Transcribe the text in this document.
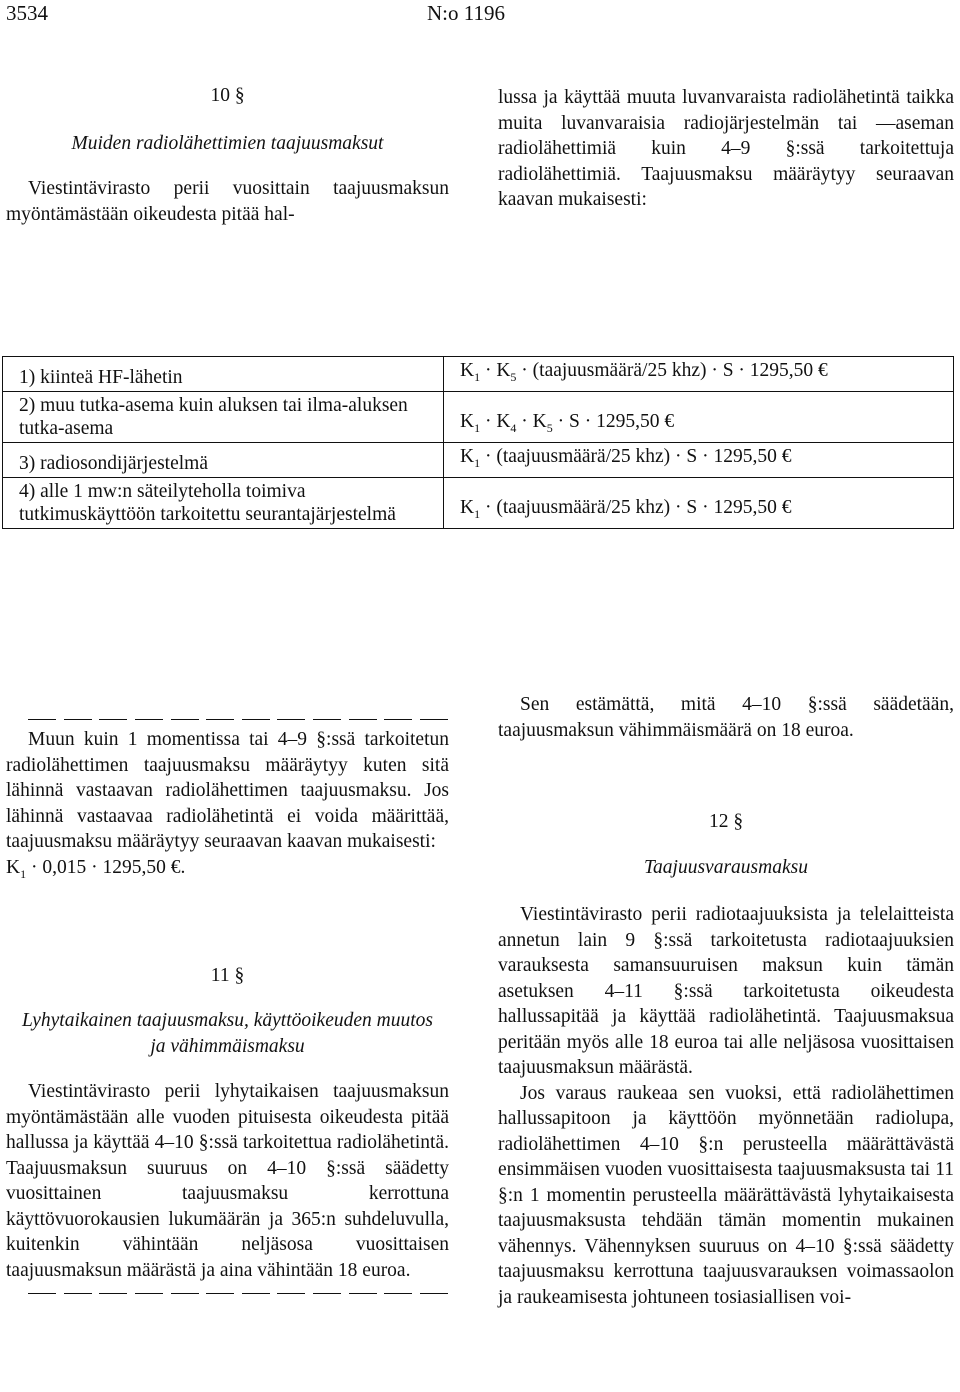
3534	N:o 1196

10 §

Muiden radiolähettimien taajuusmaksut

Viestintävirasto perii vuosittain taajuusmaksun myöntämästään oikeudesta pitää hal-

lussa ja käyttää muuta luvanvaraista radiolähetintä taikka muita luvanvaraisia radiojärjestelmän tai —aseman radiolähettimiä kuin 4–9 §:ssä tarkoitettuja radiolähettimiä. Taajuusmaksu määräytyy seuraavan kaavan mukaisesti:

1) kiinteä HF-lähetin	$K_1 \cdot K_5$ · (taajuusmäärä/25 khz) · S · 1295,50 €
2) muu tutka-asema kuin aluksen tai ilma-aluksen tutka-asema	$K_1 \cdot K_4 \cdot K_5 \cdot S \cdot 1295,50$ €
3) radiosondijärjestelmä	$K_1$ · (taajuusmäärä/25 khz) · S · 1295,50 €
4) alle 1 mw:n säteilyteholla toimiva tutkimuskäyttöön tarkoitettu seurantajärjestelmä	$K_1$ · (taajuusmäärä/25 khz) · S · 1295,50 €

Muun kuin 1 momentissa tai 4–9 §:ssä tarkoitetun radiolähettimen taajuusmaksu määräytyy kuten sitä lähinnä vastaavan radiolähettimen taajuusmaksu. Jos lähinnä vastaavaa radiolähetintä ei voida määrittää, taajuusmaksu määräytyy seuraavan kaavan mukaisesti:

$K_1 \cdot 0,015 \cdot 1295,50$ €.

11 §

Lyhytaikainen taajuusmaksu, käyttöoikeuden muutos ja vähimmäismaksu

Viestintävirasto perii lyhytaikaisen taajuusmaksun myöntämästään alle vuoden pituisesta oikeudesta pitää hallussa ja käyttää 4–10 §:ssä tarkoitettua radiolähetintä. Taajuusmaksun suuruus on 4–10 §:ssä säädetty vuosittainen taajuusmaksu kerrottuna käyttövuorokausien lukumäärän ja 365:n suhdeluvulla, kuitenkin vähintään neljäsosa vuosittaisen taajuusmaksun määrästä ja aina vähintään 18 euroa.

Sen estämättä, mitä 4–10 §:ssä säädetään, taajuusmaksun vähimmäismäärä on 18 euroa.

12 §

Taajuusvarausmaksu

Viestintävirasto perii radiotaajuuksista ja telelaitteista annetun lain 9 §:ssä tarkoitetusta radiotaajuuksien varauksesta samansuuruisen maksun kuin tämän asetuksen 4–11 §:ssä tarkoitetusta oikeudesta hallussapitää ja käyttää radiolähetintä. Taajuusmaksua peritään myös alle 18 euroa tai alle neljäsosa vuosittaisen taajuusmaksun määrästä.

Jos varaus raukeaa sen vuoksi, että radiolähettimen hallussapitoon ja käyttöön myönnetään radiolupa, radiolähettimen 4–10 §:n perusteella määrättävästä ensimmäisen vuoden vuosittaisesta taajuusmaksusta tai 11 §:n 1 momentin perusteella määrättävästä lyhytaikaisesta taajuusmaksusta tehdään tämän momentin mukainen vähennys. Vähennyksen suuruus on 4–10 §:ssä säädetty taajuusmaksu kerrottuna taajuusvarauksen voimassaolon ja raukeamisesta johtuneen tosiasiallisen voi-
